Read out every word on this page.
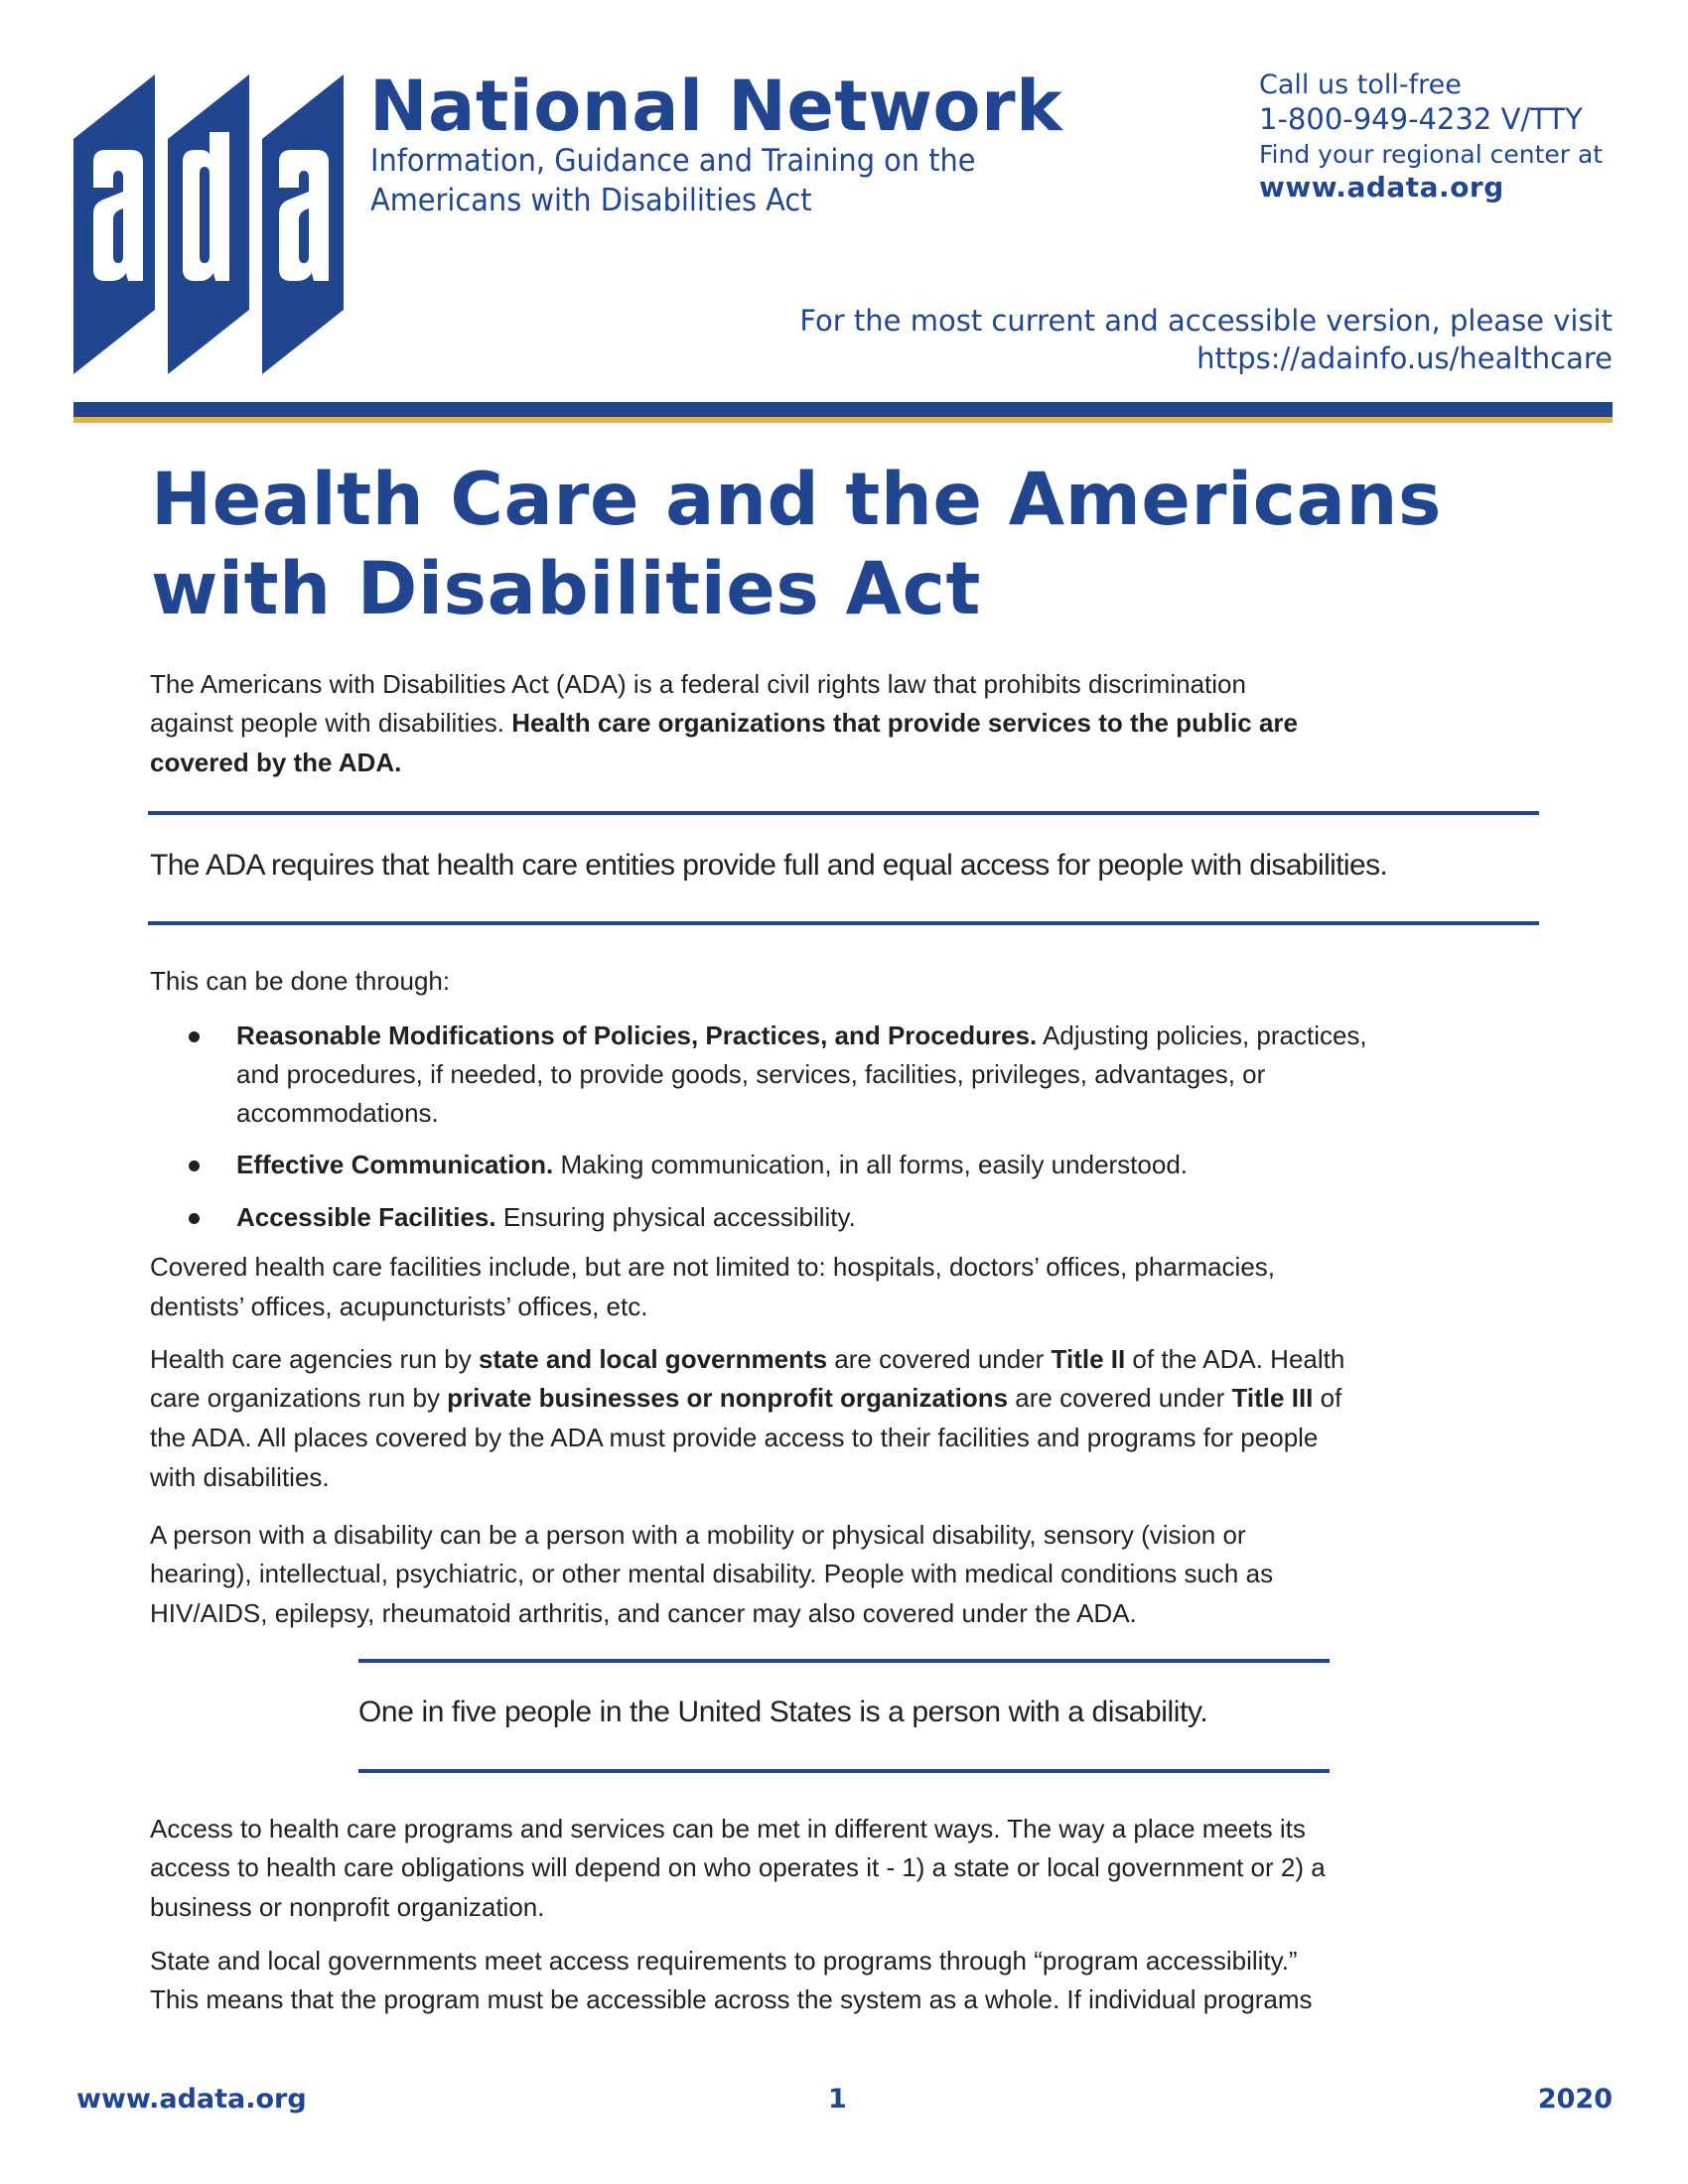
National Network
Information, Guidance and Training on the
Americans with Disabilities Act
Call us toll-free
1-800-949-4232 V/TTY
Find your regional center at
www.adata.org
For the most current and accessible version, please visit
https://adainfo.us/healthcare
Health Care and the Americans
with Disabilities Act
The Americans with Disabilities Act (ADA) is a federal civil rights law that prohibits discrimination
against people with disabilities. Health care organizations that provide services to the public are
covered by the ADA.
The ADA requires that health care entities provide full and equal access for people with disabilities.
This can be done through:
Reasonable Modifications of Policies, Practices, and Procedures. Adjusting policies, practices,
and procedures, if needed, to provide goods, services, facilities, privileges, advantages, or
accommodations.
Effective Communication. Making communication, in all forms, easily understood.
Accessible Facilities. Ensuring physical accessibility.
Covered health care facilities include, but are not limited to: hospitals, doctors’ offices, pharmacies,
dentists’ offices, acupuncturists’ offices, etc.
Health care agencies run by state and local governments are covered under Title II of the ADA. Health
care organizations run by private businesses or nonprofit organizations are covered under Title III of
the ADA. All places covered by the ADA must provide access to their facilities and programs for people
with disabilities.
A person with a disability can be a person with a mobility or physical disability, sensory (vision or
hearing), intellectual, psychiatric, or other mental disability. People with medical conditions such as
HIV/AIDS, epilepsy, rheumatoid arthritis, and cancer may also covered under the ADA.
One in five people in the United States is a person with a disability.
Access to health care programs and services can be met in different ways. The way a place meets its
access to health care obligations will depend on who operates it - 1) a state or local government or 2) a
business or nonprofit organization.
State and local governments meet access requirements to programs through “program accessibility.”
This means that the program must be accessible across the system as a whole. If individual programs
www.adata.org	1	2020
